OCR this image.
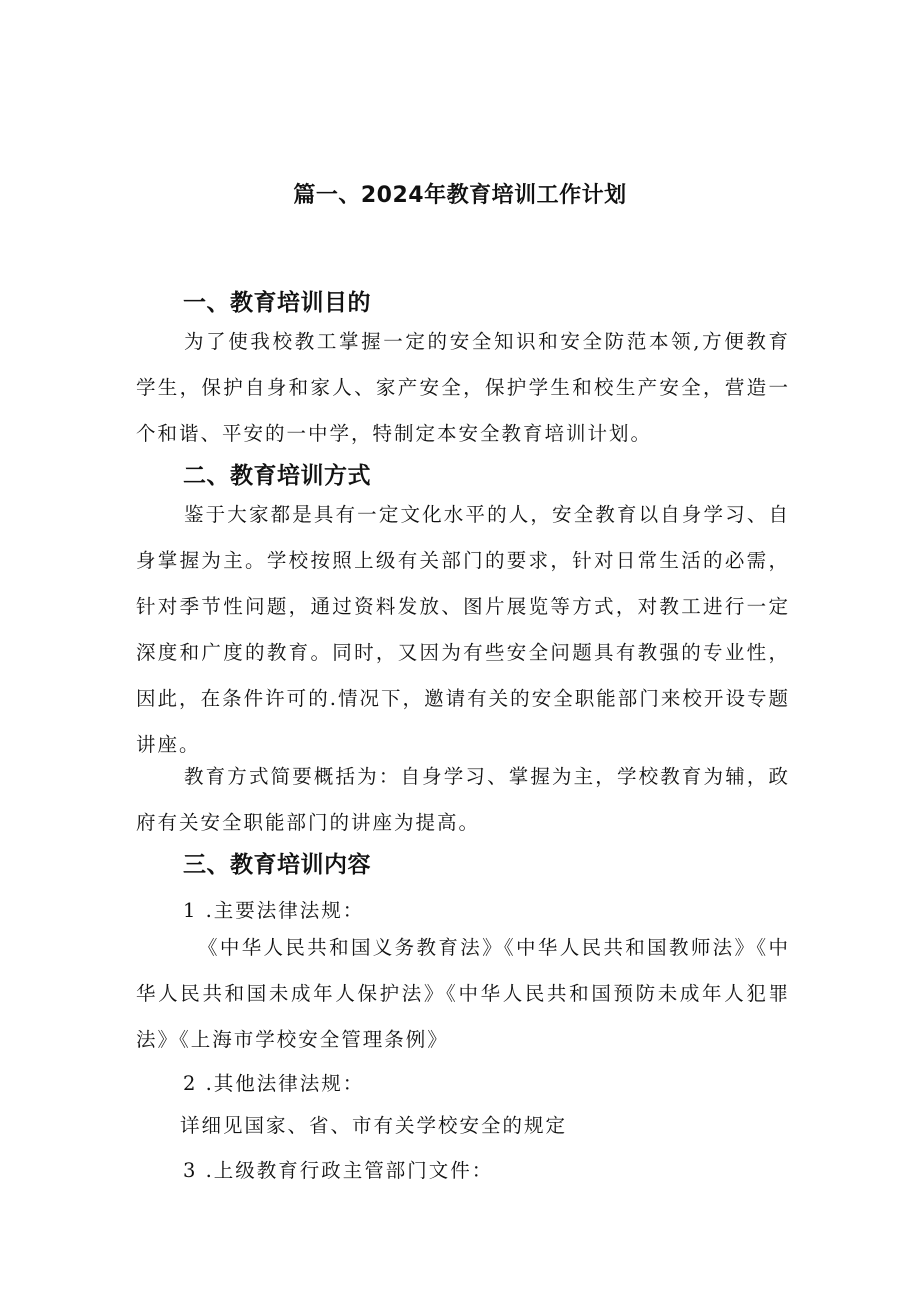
篇一、2024年教育培训工作计划
一、教育培训目的
为了使我校教工掌握一定的安全知识和安全防范本领,方便教育学生，保护自身和家人、家产安全，保护学生和校生产安全，营造一个和谐、平安的一中学，特制定本安全教育培训计划。
二、教育培训方式
鉴于大家都是具有一定文化水平的人，安全教育以自身学习、自身掌握为主。学校按照上级有关部门的要求，针对日常生活的必需，针对季节性问题，通过资料发放、图片展览等方式，对教工进行一定深度和广度的教育。同时，又因为有些安全问题具有教强的专业性，因此，在条件许可的.情况下，邀请有关的安全职能部门来校开设专题讲座。
教育方式简要概括为：自身学习、掌握为主，学校教育为辅，政府有关安全职能部门的讲座为提高。
三、教育培训内容
1 .主要法律法规：
《中华人民共和国义务教育法》《中华人民共和国教师法》《中华人民共和国未成年人保护法》《中华人民共和国预防未成年人犯罪法》《上海市学校安全管理条例》
2 .其他法律法规：
详细见国家、省、市有关学校安全的规定
3 .上级教育行政主管部门文件：
